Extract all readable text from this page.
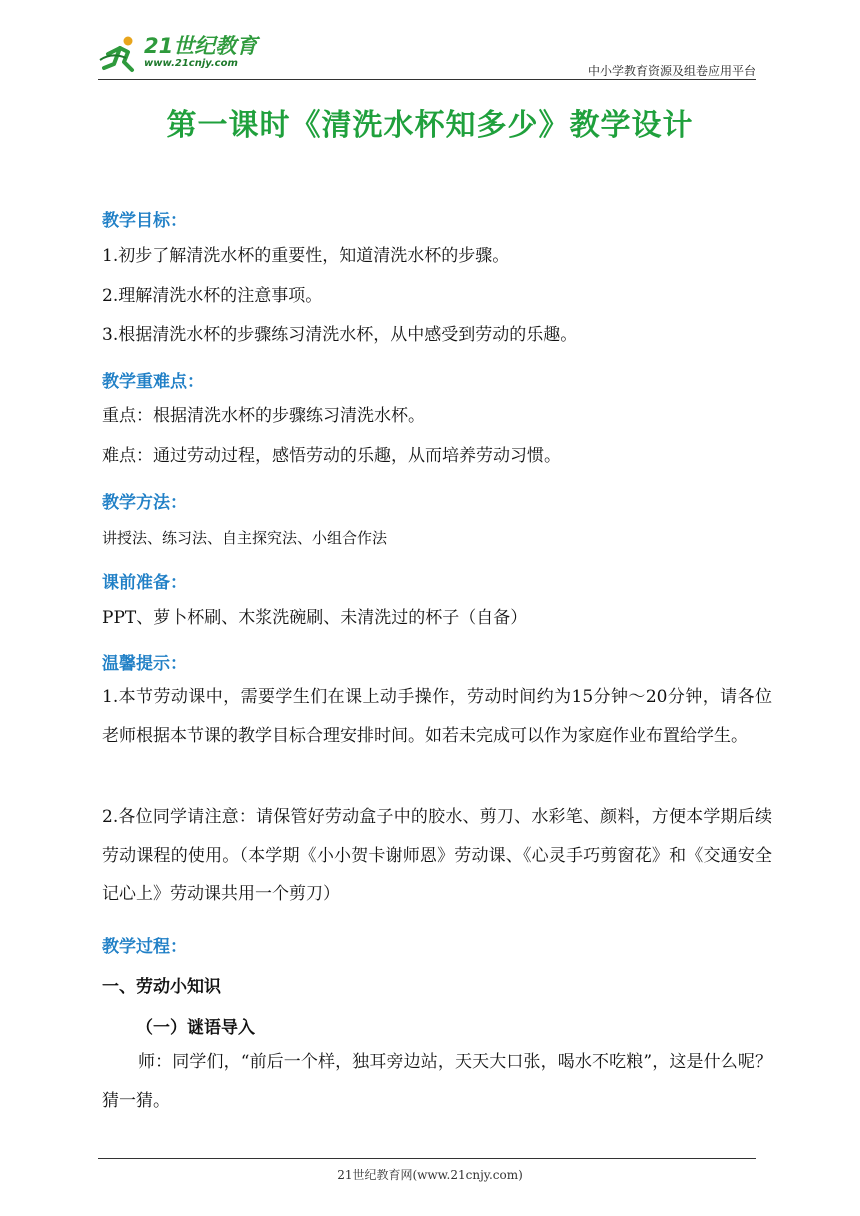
21世纪教育
www.21cnjy.com
中小学教育资源及组卷应用平台
第一课时《清洗水杯知多少》教学设计
教学目标：
1.初步了解清洗水杯的重要性，知道清洗水杯的步骤。
2.理解清洗水杯的注意事项。
3.根据清洗水杯的步骤练习清洗水杯，从中感受到劳动的乐趣。
教学重难点：
重点：根据清洗水杯的步骤练习清洗水杯。
难点：通过劳动过程，感悟劳动的乐趣，从而培养劳动习惯。
教学方法：
讲授法、练习法、自主探究法、小组合作法
课前准备：
PPT、萝卜杯刷、木浆洗碗刷、未清洗过的杯子（自备）
温馨提示：
1.本节劳动课中，需要学生们在课上动手操作，劳动时间约为15分钟～20分钟，请各位老师根据本节课的教学目标合理安排时间。如若未完成可以作为家庭作业布置给学生。
2.各位同学请注意：请保管好劳动盒子中的胶水、剪刀、水彩笔、颜料，方便本学期后续劳动课程的使用。（本学期《小小贺卡谢师恩》劳动课、《心灵手巧剪窗花》和《交通安全记心上》劳动课共用一个剪刀）
教学过程：
一、劳动小知识
（一）谜语导入
师：同学们，“前后一个样，独耳旁边站，天天大口张，喝水不吃粮”，这是什么呢？猜一猜。
21世纪教育网(www.21cnjy.com)
